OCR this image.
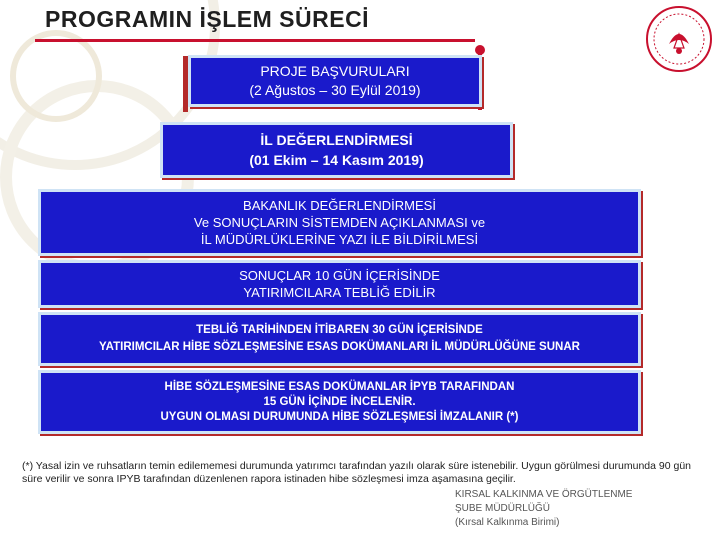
PROGRAMIN İŞLEM SÜRECİ
PROJE BAŞVURULARI
(2 Ağustos – 30 Eylül 2019)
İL DEĞERLENDİRMESİ
(01 Ekim – 14 Kasım 2019)
BAKANLIK DEĞERLENDİRMESİ
Ve SONUÇLARIN SİSTEMDEN AÇIKLANMASI ve
İL MÜDÜRLÜKLERİNE YAZI İLE BİLDİRİLMESİ
SONUÇLAR 10 GÜN İÇERİSİNDE
YATIRIMCILARA TEBLİĞ EDİLİR
TEBLİĞ TARİHİNDEN İTİBAREN 30 GÜN İÇERİSİNDE
YATIRIMCILAR HİBE SÖZLEŞMESİNE ESAS DOKÜMANLARI İL MÜDÜRLÜĞÜNE SUNAR
HİBE SÖZLEŞMESİNE ESAS DOKÜMANLAR İPYB TARAFINDAN
15 GÜN İÇİNDE İNCELENİR.
UYGUN OLMASI DURUMUNDA HİBE SÖZLEŞMESİ İMZALANIR (*)
(*) Yasal izin ve ruhsatların temin edilememesi durumunda yatırımcı tarafından yazılı olarak süre istenebilir. Uygun görülmesi durumunda 90 gün süre verilir ve sonra IPYB tarafından düzenlenen rapora istinaden hibe sözleşmesi imza aşamasına geçilir.
KIRSAL KALKINMA VE ÖRGÜTLENME
ŞUBE MÜDÜRLÜĞÜ
(Kırsal Kalkınma Birimi)
